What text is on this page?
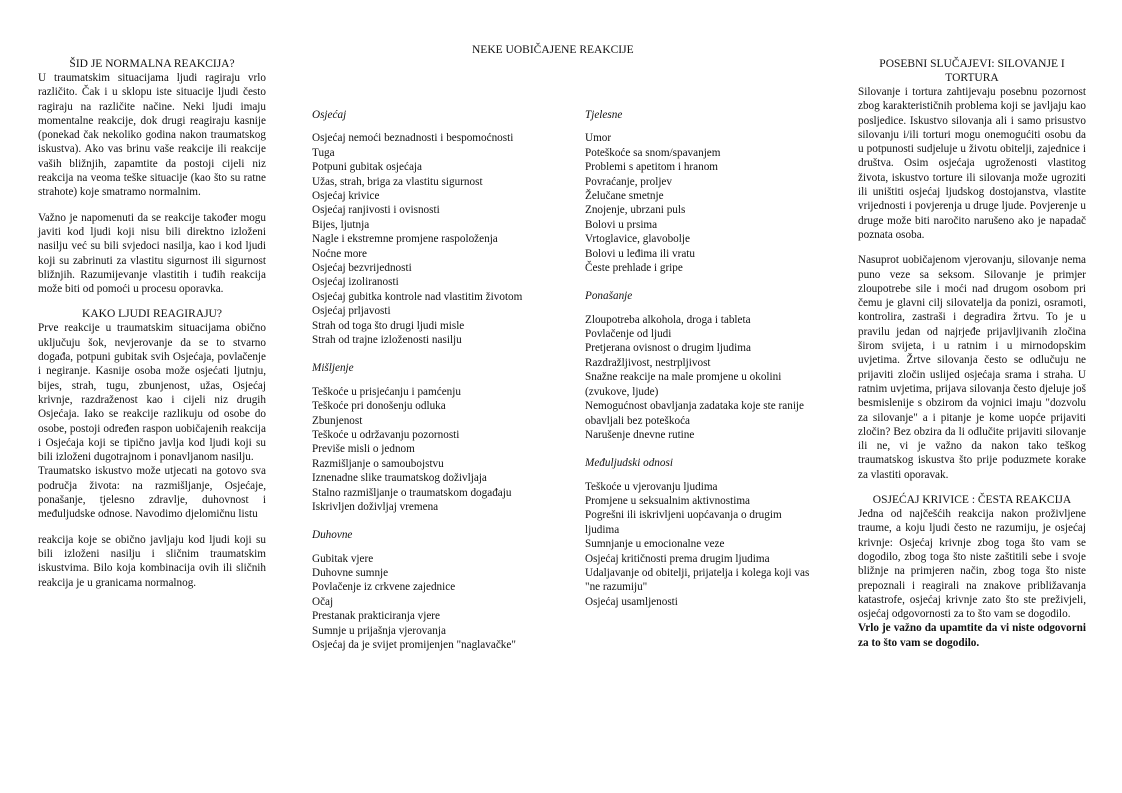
NEKE UOBIČAJENE REAKCIJE
ŠID JE NORMALNA REAKCIJA?

U traumatskim situacijama ljudi ragiraju vrlo različito. Čak i u sklopu iste situacije ljudi često ragiraju na različite načine. Neki ljudi imaju momentalne reakcije, dok drugi reagiraju kasnije (ponekad čak nekoliko godina nakon traumatskog iskustva). Ako vas brinu vaše reakcije ili reakcije vaših bližnjih, zapamtite da postoji cijeli niz reakcija na veoma teške situacije (kao što su ratne strahote) koje smatramo normalnim.

Važno je napomenuti da se reakcije također mogu javiti kod ljudi koji nisu bili direktno izloženi nasilju već su bili svjedoci nasilja, kao i kod ljudi koji su zabrinuti za vlastitu sigurnost ili sigurnost bližnjih. Razumijevanje vlastitih i tuđih reakcija može biti od pomoći u procesu oporavka.

KAKO LJUDI REAGIRAJU?

Prve reakcije u traumatskim situacijama obično uključuju šok, nevjerovanje da se to stvarno događa, potpuni gubitak svih Osjećaja, povlačenje i negiranje. Kasnije osoba može osjećati ljutnju, bijes, strah, tugu, zbunjenost, užas, Osjećaj krivnje, razdraženost kao i cijeli niz drugih Osjećaja. Iako se reakcije razlikuju od osobe do osobe, postoji određen raspon uobičajenih reakcija i Osjećaja koji se tipično javlja kod ljudi koji su bili izloženi dugotrajnom i ponavljanom nasilju.

Traumatsko iskustvo može utjecati na gotovo sva područja života: na razmišljanje, Osjećaje, ponašanje, tjelesno zdravlje, duhovnost i međuljudske odnose. Navodimo djelomičnu listu

reakcija koje se obično javljaju kod ljudi koji su bili izloženi nasilju i sličnim traumatskim iskustvima. Bilo koja kombinacija ovih ili sličnih reakcija je u granicama normalnog.

Osjećaj

Osjećaj nemoći beznadnosti i bespomoćnosti
Tuga
Potpuni gubitak osjećaja
Užas, strah, briga za vlastitu sigurnost
Osjećaj krivice
Osjećaj ranjivosti i ovisnosti
Bijes, ljutnja
Nagle i ekstremne promjene raspoloženja
Noćne more
Osjećaj bezvrijednosti
Osjećaj izoliranosti
Osjećaj gubitka kontrole nad vlastitim životom
Osjećaj prljavosti
Strah od toga što drugi ljudi misle
Strah od trajne izloženosti nasilju

Mišljenje

Teškoće u prisjećanju i pamćenju
Teškoće pri donošenju odluka
Zbunjenost
Teškoće u održavanju pozornosti
Previše misli o jednom
Razmišljanje o samoubojstvu
Iznenadne slike traumatskog doživljaja
Stalno razmišljanje o traumatskom događaju
Iskrivljen doživljaj vremena

Duhovne

Gubitak vjere
Duhovne sumnje
Povlačenje iz crkvene zajednice
Očaj
Prestanak prakticiranja vjere
Sumnje u prijašnja vjerovanja
Osjećaj da je svijet promijenjen "naglavačke"

Tjelesne

Umor
Poteškoće sa snom/spavanjem
Problemi s apetitom i hranom
Povraćanje, proljev
Želučane smetnje
Znojenje, ubrzani puls
Bolovi u prsima
Vrtoglavice, glavobolje
Bolovi u leđima ili vratu
Česte prehlade i gripe

Ponašanje

Zloupotreba alkohola, droga i tableta
Povlačenje od ljudi
Pretjerana ovisnost o drugim ljudima
Razdražljivost, nestrpljivost
Snažne reakcije na male promjene u okolini (zvukove, ljude)
Nemogućnost obavljanja zadataka koje ste ranije obavljali bez poteškoća
Narušenje dnevne rutine

Međuljudski odnosi

Teškoće u vjerovanju ljudima
Promjene u seksualnim aktivnostima
Pogrešni ili iskrivljeni uopćavanja o drugim ljudima
Sumnjanje u emocionalne veze
Osjećaj kritičnosti prema drugim ljudima
Udaljavanje od obitelji, prijatelja i kolega koji vas "ne razumiju"
Osjećaj usamljenosti
POSEBNI SLUČAJEVI: SILOVANJE I TORTURA

Silovanje i tortura zahtijevaju posebnu pozornost zbog karakterističnih problema koji se javljaju kao posljedice. Iskustvo silovanja ali i samo prisustvo silovanju i/ili torturi mogu onemogućiti osobu da u potpunosti sudjeluje u životu obitelji, zajednice i društva. Osim osjećaja ugroženosti vlastitog života, iskustvo torture ili silovanja može ugroziti ili uništiti osjećaj ljudskog dostojanstva, vlastite vrijednosti i povjerenja u druge ljude. Povjerenje u druge može biti naročito narušeno ako je napadač poznata osoba.

Nasuprot uobičajenom vjerovanju, silovanje nema puno veze sa seksom. Silovanje je primjer zloupotrebe sile i moći nad drugom osobom pri čemu je glavni cilj silovatelja da ponizi, osramoti, kontrolira, zastraši i degradira žrtvu. To je u pravilu jedan od najrjeđe prijavljivanih zločina širom svijeta, i u ratnim i u mirnodopskim uvjetima. Žrtve silovanja često se odlučuju ne prijaviti zločin uslijed osjećaja srama i straha. U ratnim uvjetima, prijava silovanja često djeluje još besmislenije s obzirom da vojnici imaju "dozvolu za silovanje" a i pitanje je kome uopće prijaviti zločin? Bez obzira da li odlučite prijaviti silovanje ili ne, vi je važno da nakon tako teškog traumatskog iskustva što prije poduzmete korake za vlastiti oporavak.

OSJEĆAJ KRIVICE : ČESTA REAKCIJA

Jedna od najčešćih reakcija nakon proživljene traume, a koju ljudi često ne razumiju, je osjećaj krivnje: Osjećaj krivnje zbog toga što vam se dogodilo, zbog toga što niste zaštitili sebe i svoje bližnje na primjeren način, zbog toga što niste prepoznali i reagirali na znakove približavanja katastrofe, osjećaj krivnje zato što ste preživjeli, osjećaj odgovornosti za to što vam se dogodilo.

Vrlo je važno da upamtite da vi niste odgovorni za to što vam se dogodilo.
